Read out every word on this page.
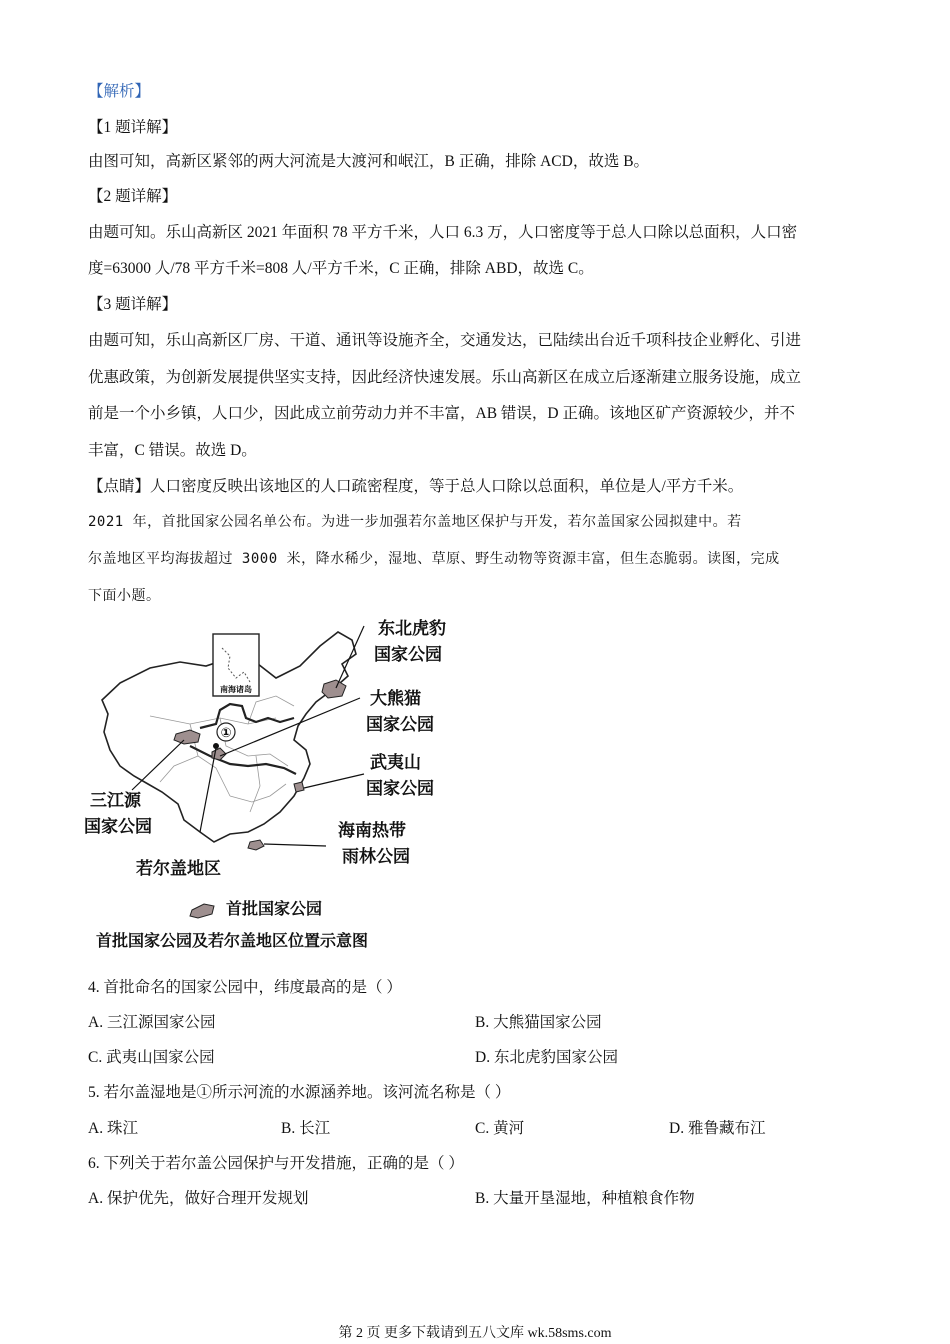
【解析】
【1 题详解】
由图可知，高新区紧邻的两大河流是大渡河和岷江，B 正确，排除 ACD，故选 B。
【2 题详解】
由题可知。乐山高新区 2021 年面积 78 平方千米，人口 6.3 万，人口密度等于总人口除以总面积，人口密
度=63000 人/78 平方千米=808 人/平方千米，C 正确，排除 ABD，故选 C。
【3 题详解】
由题可知，乐山高新区厂房、干道、通讯等设施齐全，交通发达，已陆续出台近千项科技企业孵化、引进
优惠政策，为创新发展提供坚实支持，因此经济快速发展。乐山高新区在成立后逐渐建立服务设施，成立
前是一个小乡镇，人口少，因此成立前劳动力并不丰富，AB 错误，D 正确。该地区矿产资源较少，并不
丰富，C 错误。故选 D。
【点睛】人口密度反映出该地区的人口疏密程度，等于总人口除以总面积，单位是人/平方千米。
2021 年，首批国家公园名单公布。为进一步加强若尔盖地区保护与开发，若尔盖国家公园拟建中。若
尔盖地区平均海拔超过 3000 米，降水稀少，湿地、草原、野生动物等资源丰富，但生态脆弱。读图，完成
下面小题。
南海诸岛
①
东北虎豹
国家公园
大熊猫
国家公园
武夷山
国家公园
海南热带
雨林公园
三江源
国家公园
若尔盖地区
首批国家公园
首批国家公园及若尔盖地区位置示意图
4. 首批命名的国家公园中，纬度最高的是（ ）
A. 三江源国家公园	B. 大熊猫国家公园
C. 武夷山国家公园	D. 东北虎豹国家公园
5. 若尔盖湿地是①所示河流的水源涵养地。该河流名称是（ ）
A. 珠江	B. 长江	C. 黄河	D. 雅鲁藏布江
6. 下列关于若尔盖公园保护与开发措施，正确的是（ ）
A. 保护优先，做好合理开发规划	B. 大量开垦湿地，种植粮食作物
第 2 页 更多下载请到五八文库 wk.58sms.com
